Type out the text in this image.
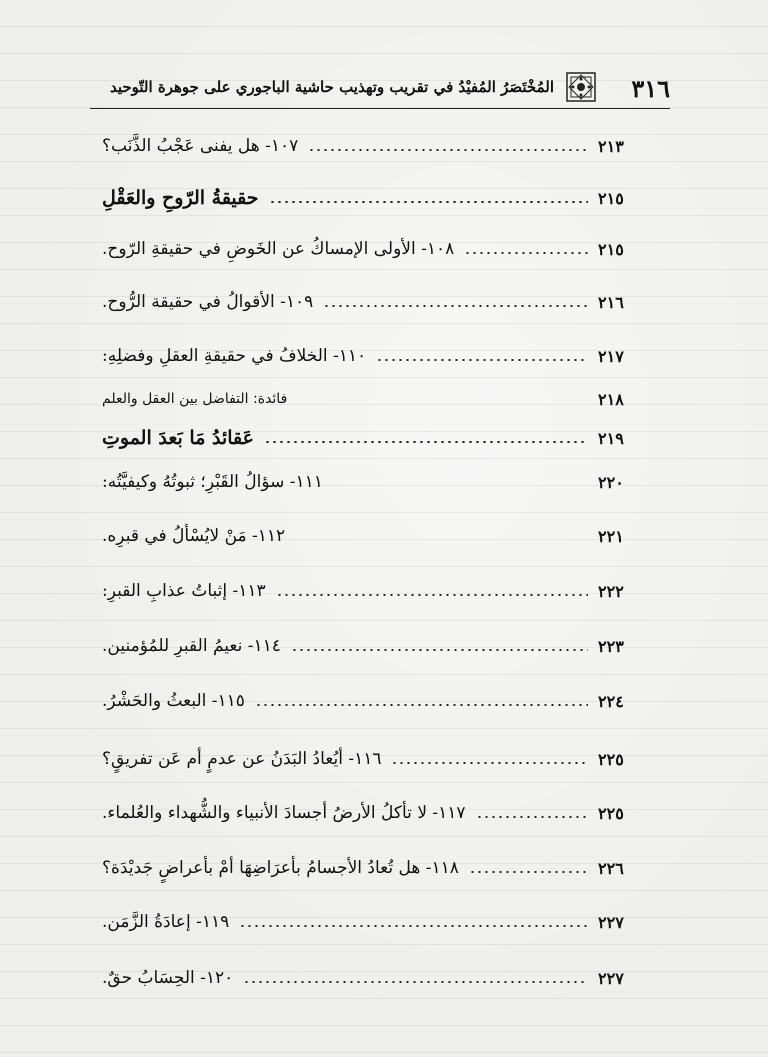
٣١٦
المُخْتَصَرُ المُفيْدُ في تقريب وتهذيب حاشية الباجوري على جوهرة التّوحيد
١٠٧- هل يفنى عَجْبُ الذَّنَب؟	٢١٣
حقيقةُ الرّوحِ والعَقْلِ	٢١٥
١٠٨- الأولى الإمساكُ عن الخَوضِ في حقيقةِ الرّوح.	٢١٥
١٠٩- الأقوالُ في حقيقة الرُّوح.	٢١٦
١١٠- الخلافُ في حقيقةِ العقلِ وفضلِهِ:	٢١٧
فائدة: التفاضل بين العقل والعلم	٢١٨
عَقائدُ مَا بَعدَ الموتِ	٢١٩
١١١- سؤالُ القَبْرِ؛ ثبوتُهُ وكيفيَّتُه:	٢٢٠
١١٢- مَنْ لايُسْألُ في قبرِه.	٢٢١
١١٣- إثباتُ عذابِ القبرِ:	٢٢٢
١١٤- نعيمُ القبرِ للمُؤمنين.	٢٢٣
١١٥- البعثُ والحَشْرُ.	٢٢٤
١١٦- أيُعادُ البَدَنُ عن عدمٍ أم عَن تفريقٍ؟	٢٢٥
١١٧- لا تأكلُ الأرضُ أجسادَ الأنبياء والشُّهداء والعُلماء.	٢٢٥
١١٨- هل تُعادُ الأجسامُ بأعرَاضِهَا أمْ بأعراضٍ جَديْدَة؟	٢٢٦
١١٩- إعادَةُ الزَّمَن.	٢٢٧
١٢٠- الحِسَابُ حقٌ.	٢٢٧
